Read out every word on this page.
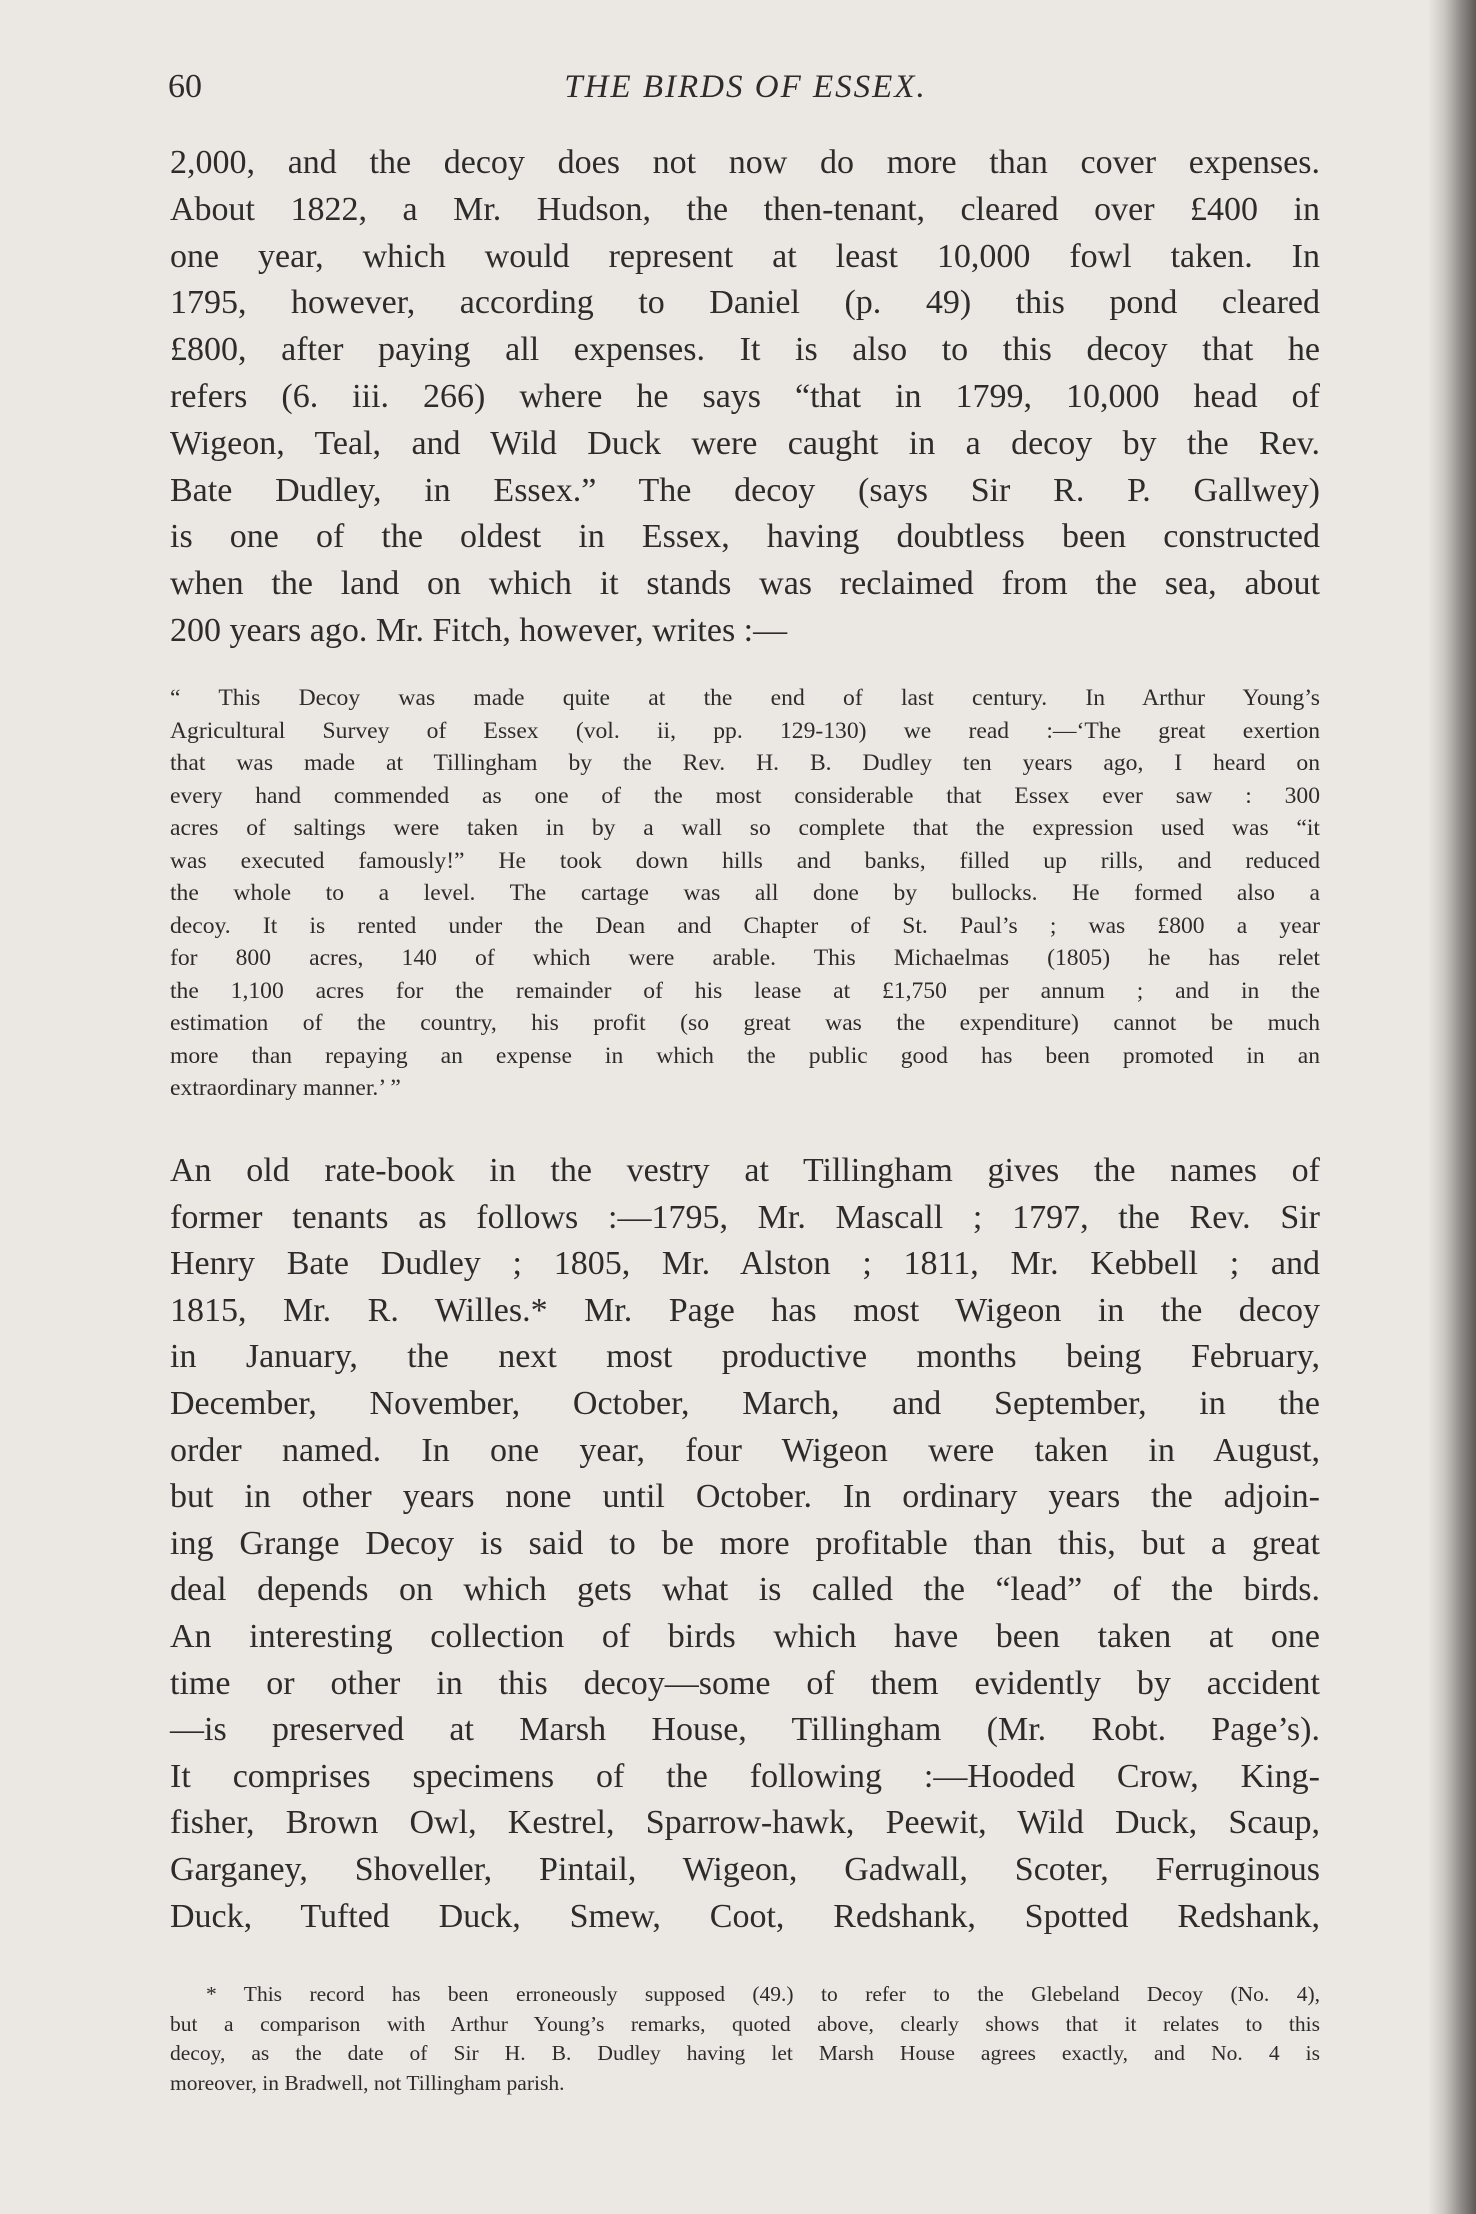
60	THE BIRDS OF ESSEX.
2,000, and the decoy does not now do more than cover expenses.
About 1822, a Mr. Hudson, the then-tenant, cleared over £400 in
one year, which would represent at least 10,000 fowl taken. In
1795, however, according to Daniel (p. 49) this pond cleared
£800, after paying all expenses. It is also to this decoy that he
refers (6. iii. 266) where he says “that in 1799, 10,000 head of
Wigeon, Teal, and Wild Duck were caught in a decoy by the Rev.
Bate Dudley, in Essex.” The decoy (says Sir R. P. Gallwey)
is one of the oldest in Essex, having doubtless been constructed
when the land on which it stands was reclaimed from the sea, about
200 years ago. Mr. Fitch, however, writes :—
“ This Decoy was made quite at the end of last century. In Arthur Young’s
Agricultural Survey of Essex (vol. ii, pp. 129-130) we read :—‘The great exertion
that was made at Tillingham by the Rev. H. B. Dudley ten years ago, I heard on
every hand commended as one of the most considerable that Essex ever saw : 300
acres of saltings were taken in by a wall so complete that the expression used was “it
was executed famously!” He took down hills and banks, filled up rills, and reduced
the whole to a level. The cartage was all done by bullocks. He formed also a
decoy. It is rented under the Dean and Chapter of St. Paul’s ; was £800 a year
for 800 acres, 140 of which were arable. This Michaelmas (1805) he has relet
the 1,100 acres for the remainder of his lease at £1,750 per annum ; and in the
estimation of the country, his profit (so great was the expenditure) cannot be much
more than repaying an expense in which the public good has been promoted in an
extraordinary manner.’ ”
An old rate-book in the vestry at Tillingham gives the names of
former tenants as follows :—1795, Mr. Mascall ; 1797, the Rev. Sir
Henry Bate Dudley ; 1805, Mr. Alston ; 1811, Mr. Kebbell ; and
1815, Mr. R. Willes.* Mr. Page has most Wigeon in the decoy
in January, the next most productive months being February,
December, November, October, March, and September, in the
order named. In one year, four Wigeon were taken in August,
but in other years none until October. In ordinary years the adjoin-
ing Grange Decoy is said to be more profitable than this, but a great
deal depends on which gets what is called the “lead” of the birds.
An interesting collection of birds which have been taken at one
time or other in this decoy—some of them evidently by accident
—is preserved at Marsh House, Tillingham (Mr. Robt. Page’s).
It comprises specimens of the following :—Hooded Crow, King-
fisher, Brown Owl, Kestrel, Sparrow-hawk, Peewit, Wild Duck, Scaup,
Garganey, Shoveller, Pintail, Wigeon, Gadwall, Scoter, Ferruginous
Duck, Tufted Duck, Smew, Coot, Redshank, Spotted Redshank,
* This record has been erroneously supposed (49.) to refer to the Glebeland Decoy (No. 4),
but a comparison with Arthur Young’s remarks, quoted above, clearly shows that it relates to this
decoy, as the date of Sir H. B. Dudley having let Marsh House agrees exactly, and No. 4 is
moreover, in Bradwell, not Tillingham parish.
